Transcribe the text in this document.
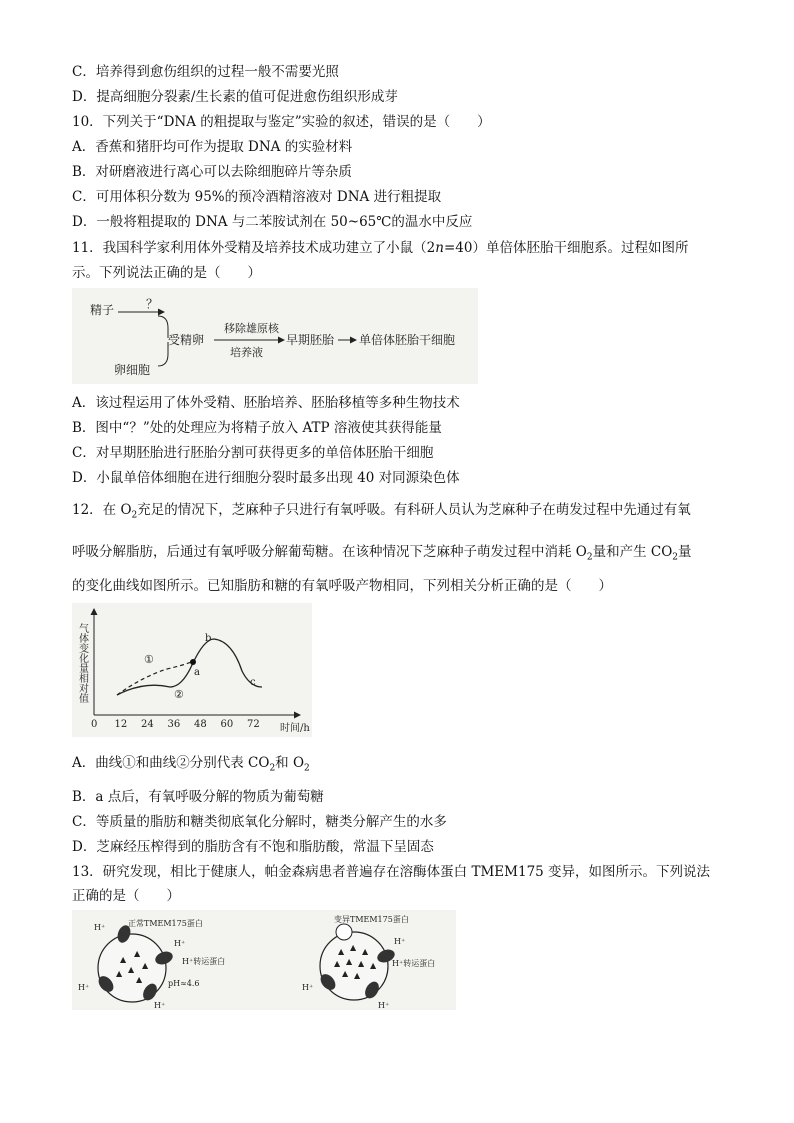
C．培养得到愈伤组织的过程一般不需要光照
D．提高细胞分裂素/生长素的值可促进愈伤组织形成芽
10．下列关于“DNA 的粗提取与鉴定”实验的叙述，错误的是（　　）
A．香蕉和猪肝均可作为提取 DNA 的实验材料
B．对研磨液进行离心可以去除细胞碎片等杂质
C．可用体积分数为 95%的预冷酒精溶液对 DNA 进行粗提取
D．一般将粗提取的 DNA 与二苯胺试剂在 50~65℃的温水中反应
11．我国科学家利用体外受精及培养技术成功建立了小鼠（2n=40）单倍体胚胎干细胞系。过程如图所
示。下列说法正确的是（　　）
精子	？
卵细胞
受精卵
移除雄原核
培养液
早期胚胎 单倍体胚胎干细胞
A．该过程运用了体外受精、胚胎培养、胚胎移植等多种生物技术
B．图中“？”处的处理应为将精子放入 ATP 溶液使其获得能量
C．对早期胚胎进行胚胎分割可获得更多的单倍体胚胎干细胞
D．小鼠单倍体细胞在进行细胞分裂时最多出现 40 对同源染色体
12．在 $O_2$充足的情况下，芝麻种子只进行有氧呼吸。有科研人员认为芝麻种子在萌发过程中先通过有氧
呼吸分解脂肪，后通过有氧呼吸分解葡萄糖。在该种情况下芝麻种子萌发过程中消耗 $O_2$量和产生 $CO_2$量
的变化曲线如图所示。已知脂肪和糖的有氧呼吸产物相同，下列相关分析正确的是（　　）
气体变化量相对值
0 12 24 36 48 60 72 时间/h
①
②
a
b
c
A．曲线①和曲线②分别代表 $CO_2$和 $O_2$
B．a 点后，有氧呼吸分解的物质为葡萄糖
C．等质量的脂肪和糖类彻底氧化分解时，糖类分解产生的水多
D．芝麻经压榨得到的脂肪含有不饱和脂肪酸，常温下呈固态
13．研究发现，相比于健康人，帕金森病患者普遍存在溶酶体蛋白 TMEM175 变异，如图所示。下列说法
正确的是（　　）
▲
▲
▲ ▲
▲
▲
H⁺
H⁺
H⁺
H⁺
正常TMEM175蛋白
H⁺转运蛋白
pH≈4.6
▲ ▲ ▲
▲ ▲ ▲ ▲
▲ ▲
变异TMEM175蛋白
H⁺
H⁺转运蛋白
H⁺
H⁺
